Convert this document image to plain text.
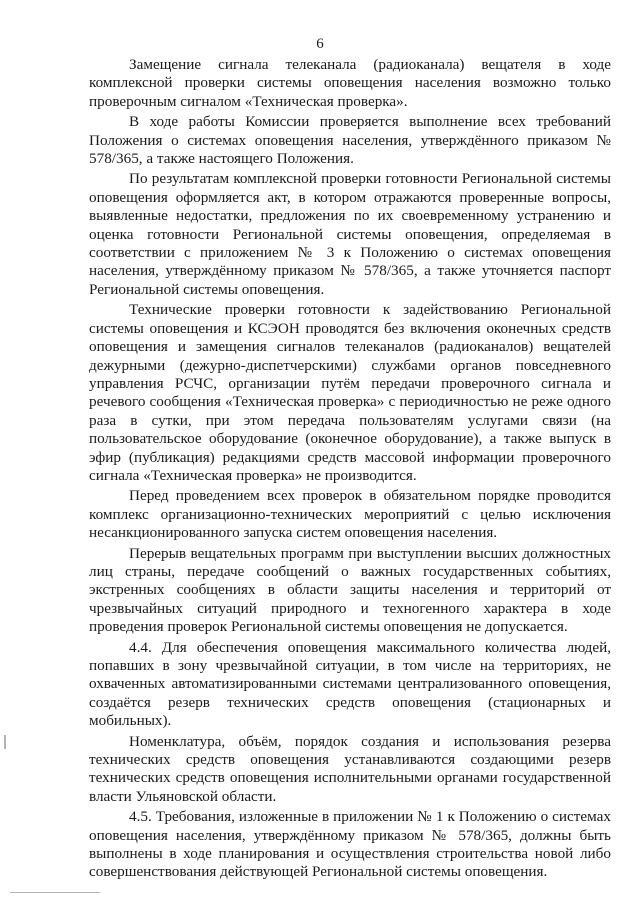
6

Замещение сигнала телеканала (радиоканала) вещателя в ходе комплексной проверки системы оповещения населения возможно только проверочным сигналом «Техническая проверка».

В ходе работы Комиссии проверяется выполнение всех требований Положения о системах оповещения населения, утверждённого приказом № 578/365, а также настоящего Положения.

По результатам комплексной проверки готовности Региональной системы оповещения оформляется акт, в котором отражаются проверенные вопросы, выявленные недостатки, предложения по их своевременному устранению и оценка готовности Региональной системы оповещения, определяемая в соответствии с приложением № 3 к Положению о системах оповещения населения, утверждённому приказом № 578/365, а также уточняется паспорт Региональной системы оповещения.

Технические проверки готовности к задействованию Региональной системы оповещения и КСЭОН проводятся без включения оконечных средств оповещения и замещения сигналов телеканалов (радиоканалов) вещателей дежурными (дежурно-диспетчерскими) службами органов повседневного управления РСЧС, организации путём передачи проверочного сигнала и речевого сообщения «Техническая проверка» с периодичностью не реже одного раза в сутки, при этом передача пользователям услугами связи (на пользовательское оборудование (оконечное оборудование), а также выпуск в эфир (публикация) редакциями средств массовой информации проверочного сигнала «Техническая проверка» не производится.

Перед проведением всех проверок в обязательном порядке проводится комплекс организационно-технических мероприятий с целью исключения несанкционированного запуска систем оповещения населения.

Перерыв вещательных программ при выступлении высших должностных лиц страны, передаче сообщений о важных государственных событиях, экстренных сообщениях в области защиты населения и территорий от чрезвычайных ситуаций природного и техногенного характера в ходе проведения проверок Региональной системы оповещения не допускается.

4.4. Для обеспечения оповещения максимального количества людей, попавших в зону чрезвычайной ситуации, в том числе на территориях, не охваченных автоматизированными системами централизованного оповещения, создаётся резерв технических средств оповещения (стационарных и мобильных).

Номенклатура, объём, порядок создания и использования резерва технических средств оповещения устанавливаются создающими резерв технических средств оповещения исполнительными органами государственной власти Ульяновской области.

4.5. Требования, изложенные в приложении № 1 к Положению о системах оповещения населения, утверждённому приказом № 578/365, должны быть выполнены в ходе планирования и осуществления строительства новой либо совершенствования действующей Региональной системы оповещения.
